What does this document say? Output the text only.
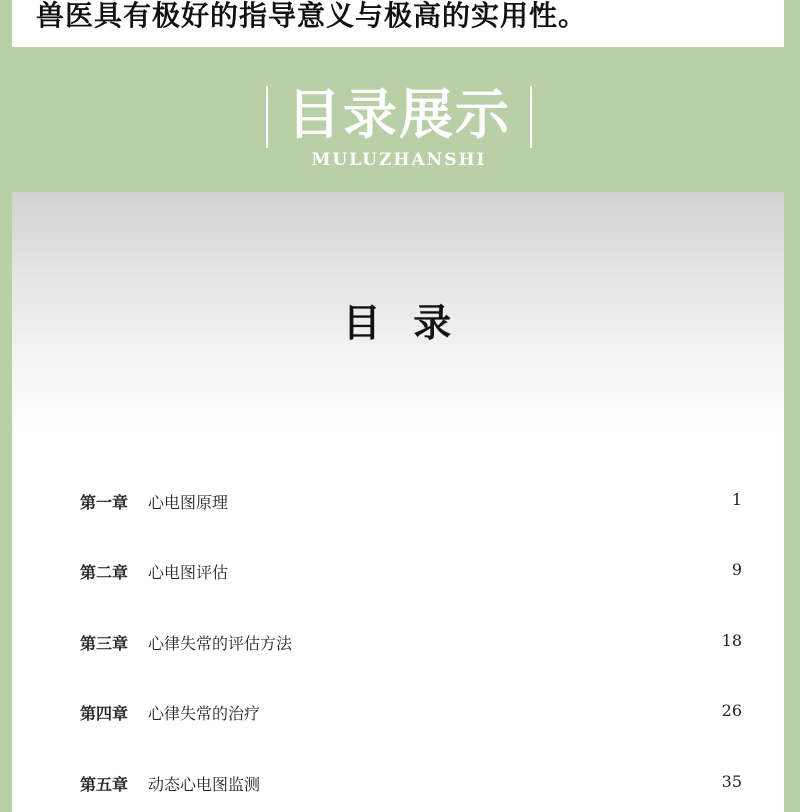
兽医具有极好的指导意义与极高的实用性。
目录展示
MULUZHANSHI
目  录
第一章 心电图原理	1
第二章 心电图评估	9
第三章 心律失常的评估方法	18
第四章 心律失常的治疗	26
第五章 动态心电图监测	35
